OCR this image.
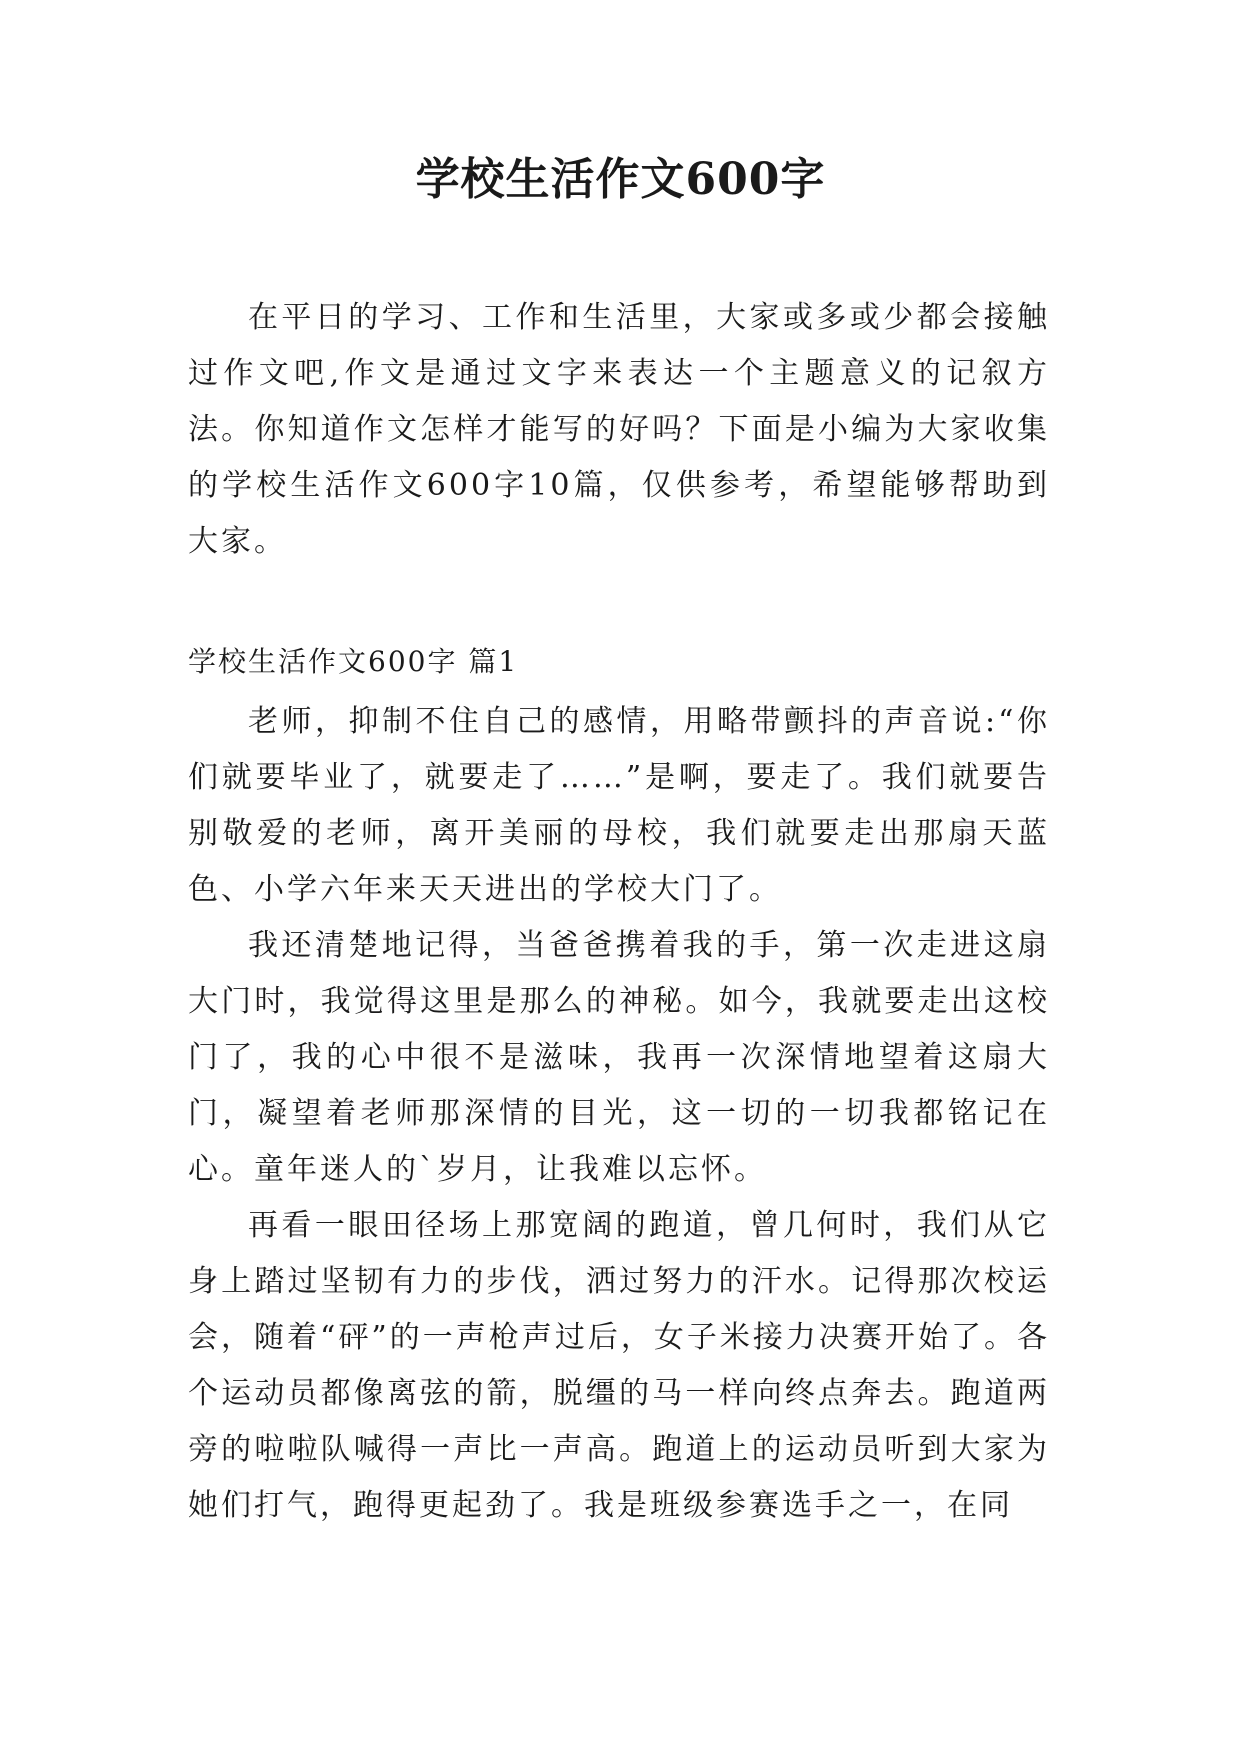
学校生活作文600字

在平日的学习、工作和生活里，大家或多或少都会接触过作文吧,作文是通过文字来表达一个主题意义的记叙方法。你知道作文怎样才能写的好吗？下面是小编为大家收集的学校生活作文600字10篇，仅供参考，希望能够帮助到大家。

学校生活作文600字 篇1

老师，抑制不住自己的感情，用略带颤抖的声音说:“你们就要毕业了，就要走了……”是啊，要走了。我们就要告别敬爱的老师，离开美丽的母校，我们就要走出那扇天蓝色、小学六年来天天进出的学校大门了。

我还清楚地记得，当爸爸携着我的手，第一次走进这扇大门时，我觉得这里是那么的神秘。如今，我就要走出这校门了，我的心中很不是滋味，我再一次深情地望着这扇大门，凝望着老师那深情的目光，这一切的一切我都铭记在心。童年迷人的`岁月，让我难以忘怀。

再看一眼田径场上那宽阔的跑道，曾几何时，我们从它身上踏过坚韧有力的步伐，洒过努力的汗水。记得那次校运会，随着“砰”的一声枪声过后，女子米接力决赛开始了。各个运动员都像离弦的箭，脱缰的马一样向终点奔去。跑道两旁的啦啦队喊得一声比一声高。跑道上的运动员听到大家为她们打气，跑得更起劲了。我是班级参赛选手之一，在同
